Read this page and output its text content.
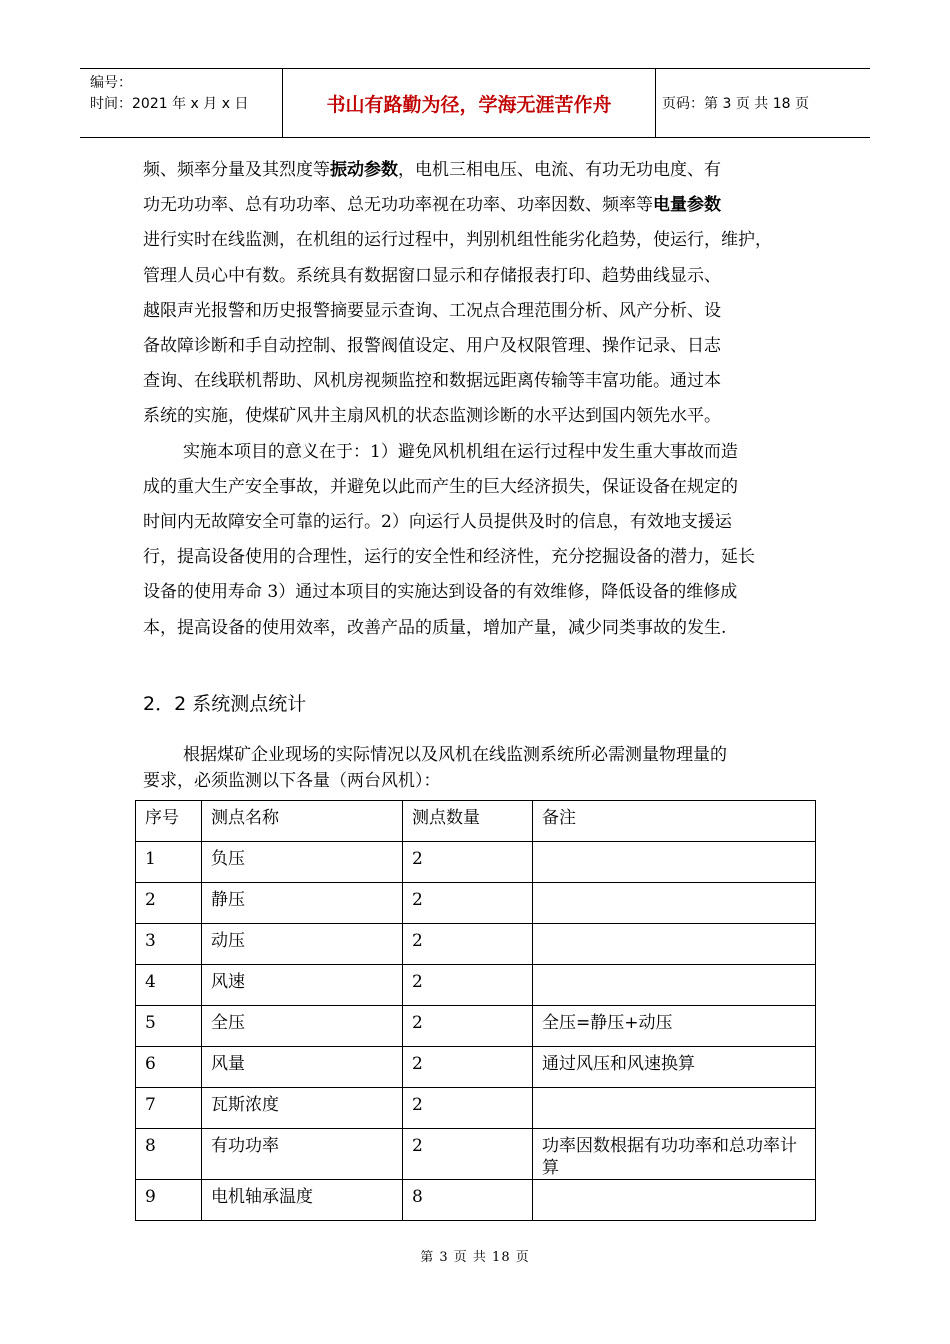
编号：
时间：2021 年 x 月 x 日	书山有路勤为径，学海无涯苦作舟	页码：第 3 页 共 18 页

频、频率分量及其烈度等振动参数，电机三相电压、电流、有功无功电度、有
功无功功率、总有功功率、总无功功率视在功率、功率因数、频率等电量参数
进行实时在线监测，在机组的运行过程中，判别机组性能劣化趋势，使运行，维护，
管理人员心中有数。系统具有数据窗口显示和存储报表打印、趋势曲线显示、
越限声光报警和历史报警摘要显示查询、工况点合理范围分析、风产分析、设
备故障诊断和手自动控制、报警阀值设定、用户及权限管理、操作记录、日志
查询、在线联机帮助、风机房视频监控和数据远距离传输等丰富功能。通过本
系统的实施，使煤矿风井主扇风机的状态监测诊断的水平达到国内领先水平。

实施本项目的意义在于：1）避免风机机组在运行过程中发生重大事故而造
成的重大生产安全事故，并避免以此而产生的巨大经济损失，保证设备在规定的
时间内无故障安全可靠的运行。2）向运行人员提供及时的信息，有效地支援运
行，提高设备使用的合理性，运行的安全性和经济性，充分挖掘设备的潜力，延长
设备的使用寿命 3）通过本项目的实施达到设备的有效维修，降低设备的维修成
本，提高设备的使用效率，改善产品的质量，增加产量，减少同类事故的发生.

2．2 系统测点统计
根据煤矿企业现场的实际情况以及风机在线监测系统所必需测量物理量的
要求，必须监测以下各量（两台风机）：
序号	测点名称	测点数量	备注
1	负压	2	
2	静压	2	
3	动压	2	
4	风速	2	
5	全压	2	全压=静压+动压
6	风量	2	通过风压和风速换算
7	瓦斯浓度	2	
8	有功功率	2	功率因数根据有功功率和总功率计算
9	电机轴承温度	8	
第 3 页 共 18 页
